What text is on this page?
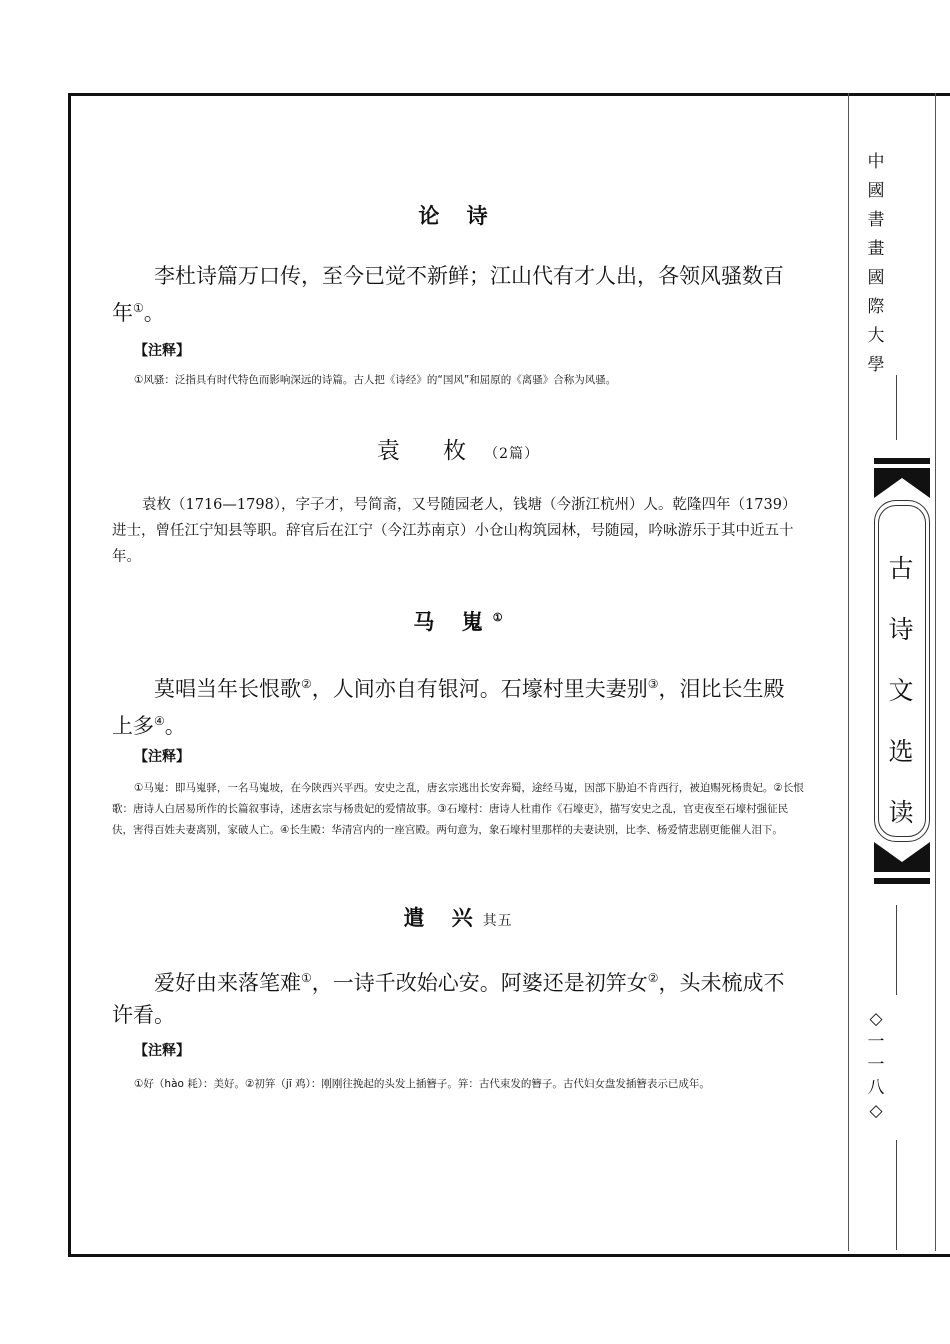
论 诗
李杜诗篇万口传，至今已觉不新鲜；江山代有才人出，各领风骚数百年①。
【注释】
①风骚：泛指具有时代特色而影响深远的诗篇。古人把《诗经》的“国风”和屈原的《离骚》合称为风骚。
袁 枚（2篇）
袁枚（1716—1798），字子才，号简斋，又号随园老人，钱塘（今浙江杭州）人。乾隆四年（1739）进士，曾任江宁知县等职。辞官后在江宁（今江苏南京）小仓山构筑园林，号随园，吟咏游乐于其中近五十年。
马 嵬①
莫唱当年长恨歌②，人间亦自有银河。石壕村里夫妻别③，泪比长生殿上多④。
【注释】
①马嵬：即马嵬驿，一名马嵬坡，在今陕西兴平西。安史之乱，唐玄宗逃出长安奔蜀，途经马嵬，因部下胁迫不肯西行，被迫赐死杨贵妃。②长恨歌：唐诗人白居易所作的长篇叙事诗，述唐玄宗与杨贵妃的爱情故事。③石壕村：唐诗人杜甫作《石壕吏》，描写安史之乱，官吏夜至石壕村强征民伕，害得百姓夫妻离别，家破人亡。④长生殿：华清宫内的一座宫殿。两句意为，象石壕村里那样的夫妻诀别，比李、杨爱情悲剧更能催人泪下。
遣 兴其五
爱好由来落笔难①，一诗千改始心安。阿婆还是初笄女②，头未梳成不许看。
【注释】
①好（hào 耗）：美好。②初笄（jī 鸡）：刚刚往挽起的头发上插簪子。笄：古代束发的簪子。古代妇女盘发插簪表示已成年。
中國書畫國際大學
古诗文选读
◇一一八◇
